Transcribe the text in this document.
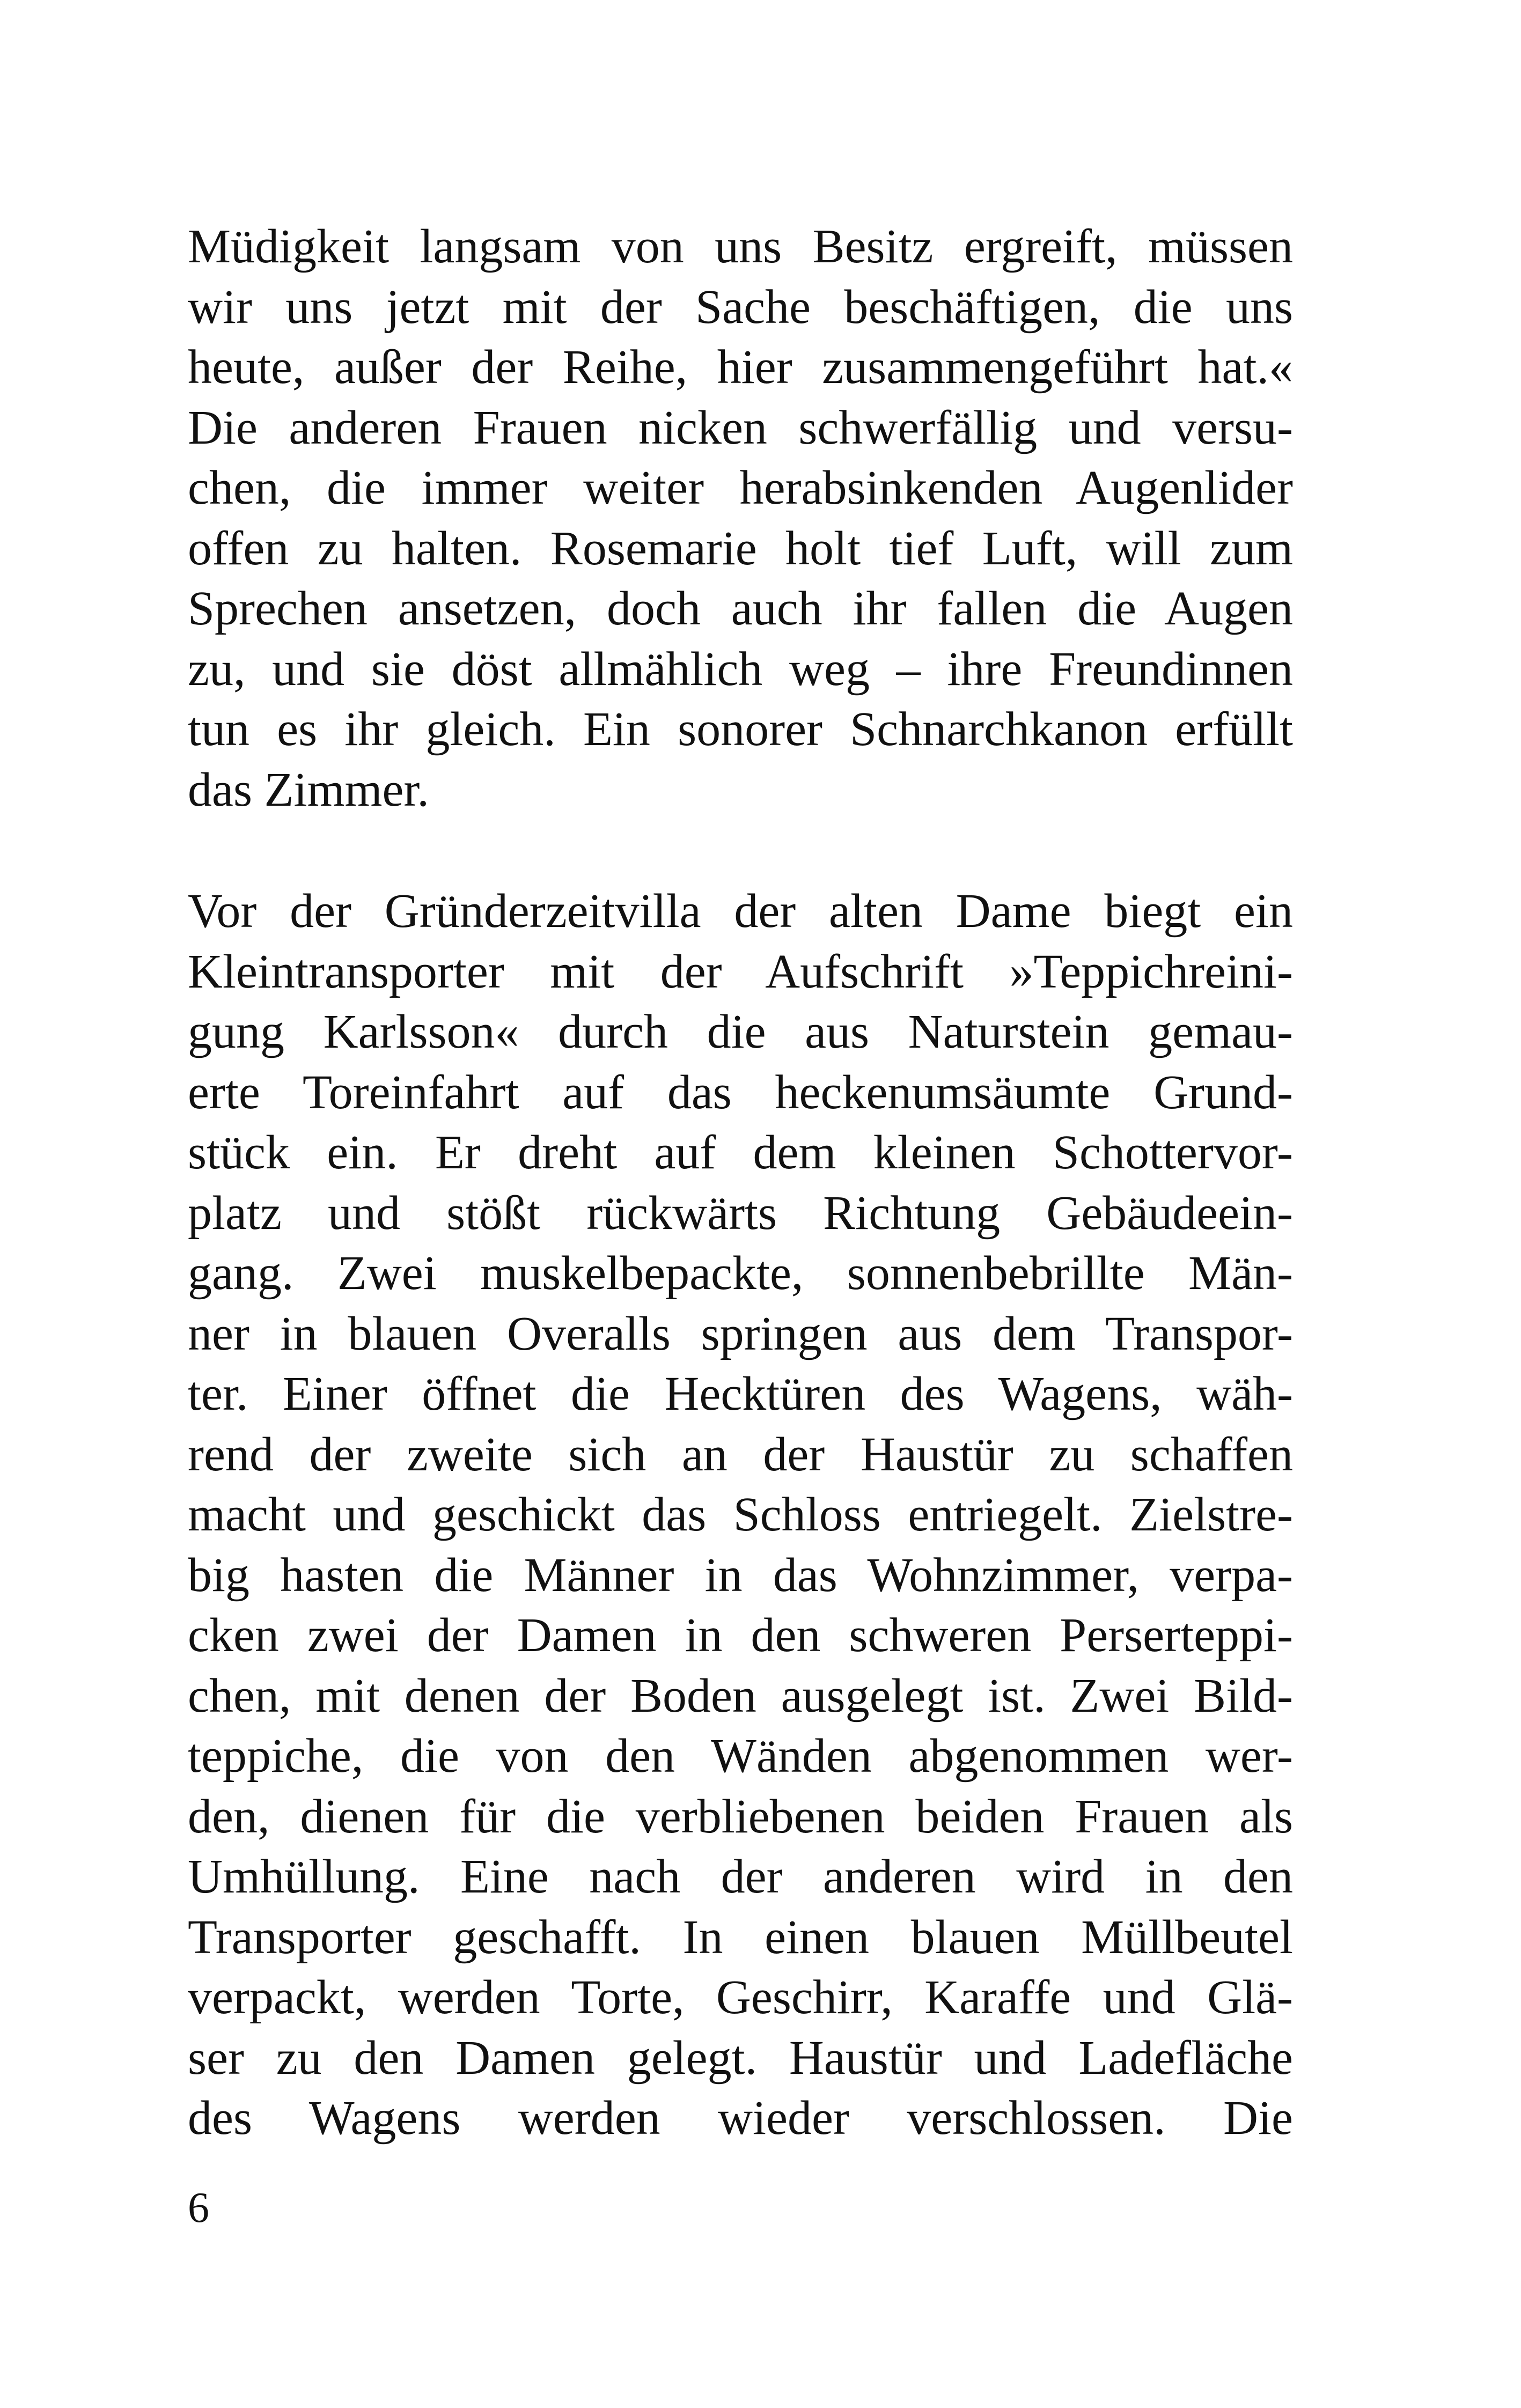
Müdigkeit langsam von uns Besitz ergreift, müssen
wir uns jetzt mit der Sache beschäftigen, die uns
heute, außer der Reihe, hier zusammengeführt hat.«
Die anderen Frauen nicken schwerfällig und versu-
chen, die immer weiter herabsinkenden Augenlider
offen zu halten. Rosemarie holt tief Luft, will zum
Sprechen ansetzen, doch auch ihr fallen die Augen
zu, und sie döst allmählich weg – ihre Freundinnen
tun es ihr gleich. Ein sonorer Schnarchkanon erfüllt
das Zimmer.
Vor der Gründerzeitvilla der alten Dame biegt ein
Kleintransporter mit der Aufschrift »Teppichreini-
gung Karlsson« durch die aus Naturstein gemau-
erte Toreinfahrt auf das heckenumsäumte Grund-
stück ein. Er dreht auf dem kleinen Schottervor-
platz und stößt rückwärts Richtung Gebäudeein-
gang. Zwei muskelbepackte, sonnenbebrillte Män-
ner in blauen Overalls springen aus dem Transpor-
ter. Einer öffnet die Hecktüren des Wagens, wäh-
rend der zweite sich an der Haustür zu schaffen
macht und geschickt das Schloss entriegelt. Zielstre-
big hasten die Männer in das Wohnzimmer, verpa-
cken zwei der Damen in den schweren Perserteppi-
chen, mit denen der Boden ausgelegt ist. Zwei Bild-
teppiche, die von den Wänden abgenommen wer-
den, dienen für die verbliebenen beiden Frauen als
Umhüllung. Eine nach der anderen wird in den
Transporter geschafft. In einen blauen Müllbeutel
verpackt, werden Torte, Geschirr, Karaffe und Glä-
ser zu den Damen gelegt. Haustür und Ladefläche
des Wagens werden wieder verschlossen. Die
6
